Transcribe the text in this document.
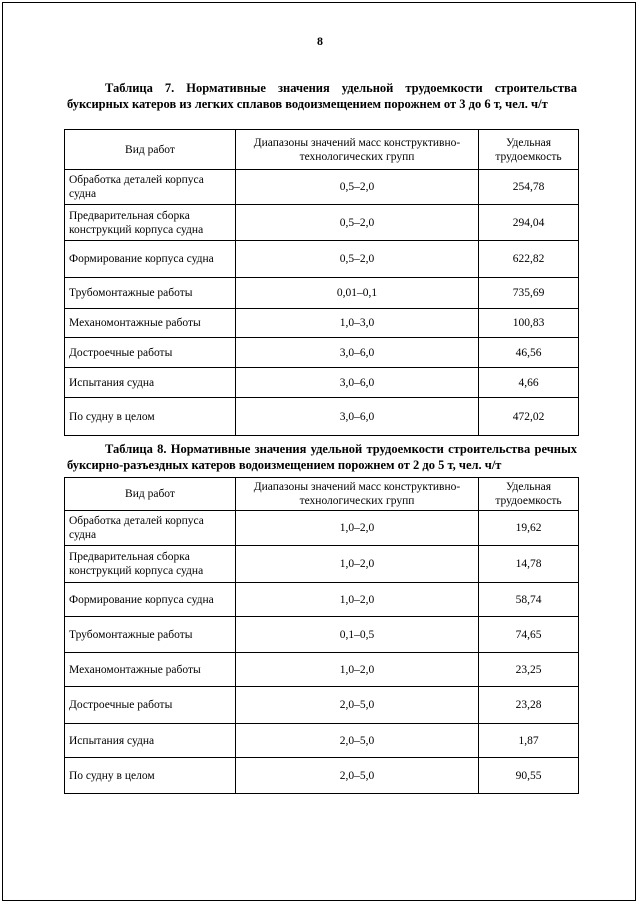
8
Таблица 7. Нормативные значения удельной трудоемкости строительства
буксирных катеров из легких сплавов водоизмещением порожнем от 3 до 6 т, чел. ч/т
Вид работ	Диапазоны значений масс конструктивно-технологических групп	Удельная трудоемкость
Обработка деталей корпуса судна	0,5–2,0	254,78
Предварительная сборка конструкций корпуса судна	0,5–2,0	294,04
Формирование корпуса судна	0,5–2,0	622,82
Трубомонтажные работы	0,01–0,1	735,69
Механомонтажные работы	1,0–3,0	100,83
Достроечные работы	3,0–6,0	46,56
Испытания судна	3,0–6,0	4,66
По судну в целом	3,0–6,0	472,02
Таблица 8. Нормативные значения удельной трудоемкости строительства речных
буксирно-разъездных катеров водоизмещением порожнем от 2 до 5 т, чел. ч/т
Вид работ	Диапазоны значений масс конструктивно-технологических групп	Удельная трудоемкость
Обработка деталей корпуса судна	1,0–2,0	19,62
Предварительная сборка конструкций корпуса судна	1,0–2,0	14,78
Формирование корпуса судна	1,0–2,0	58,74
Трубомонтажные работы	0,1–0,5	74,65
Механомонтажные работы	1,0–2,0	23,25
Достроечные работы	2,0–5,0	23,28
Испытания судна	2,0–5,0	1,87
По судну в целом	2,0–5,0	90,55
